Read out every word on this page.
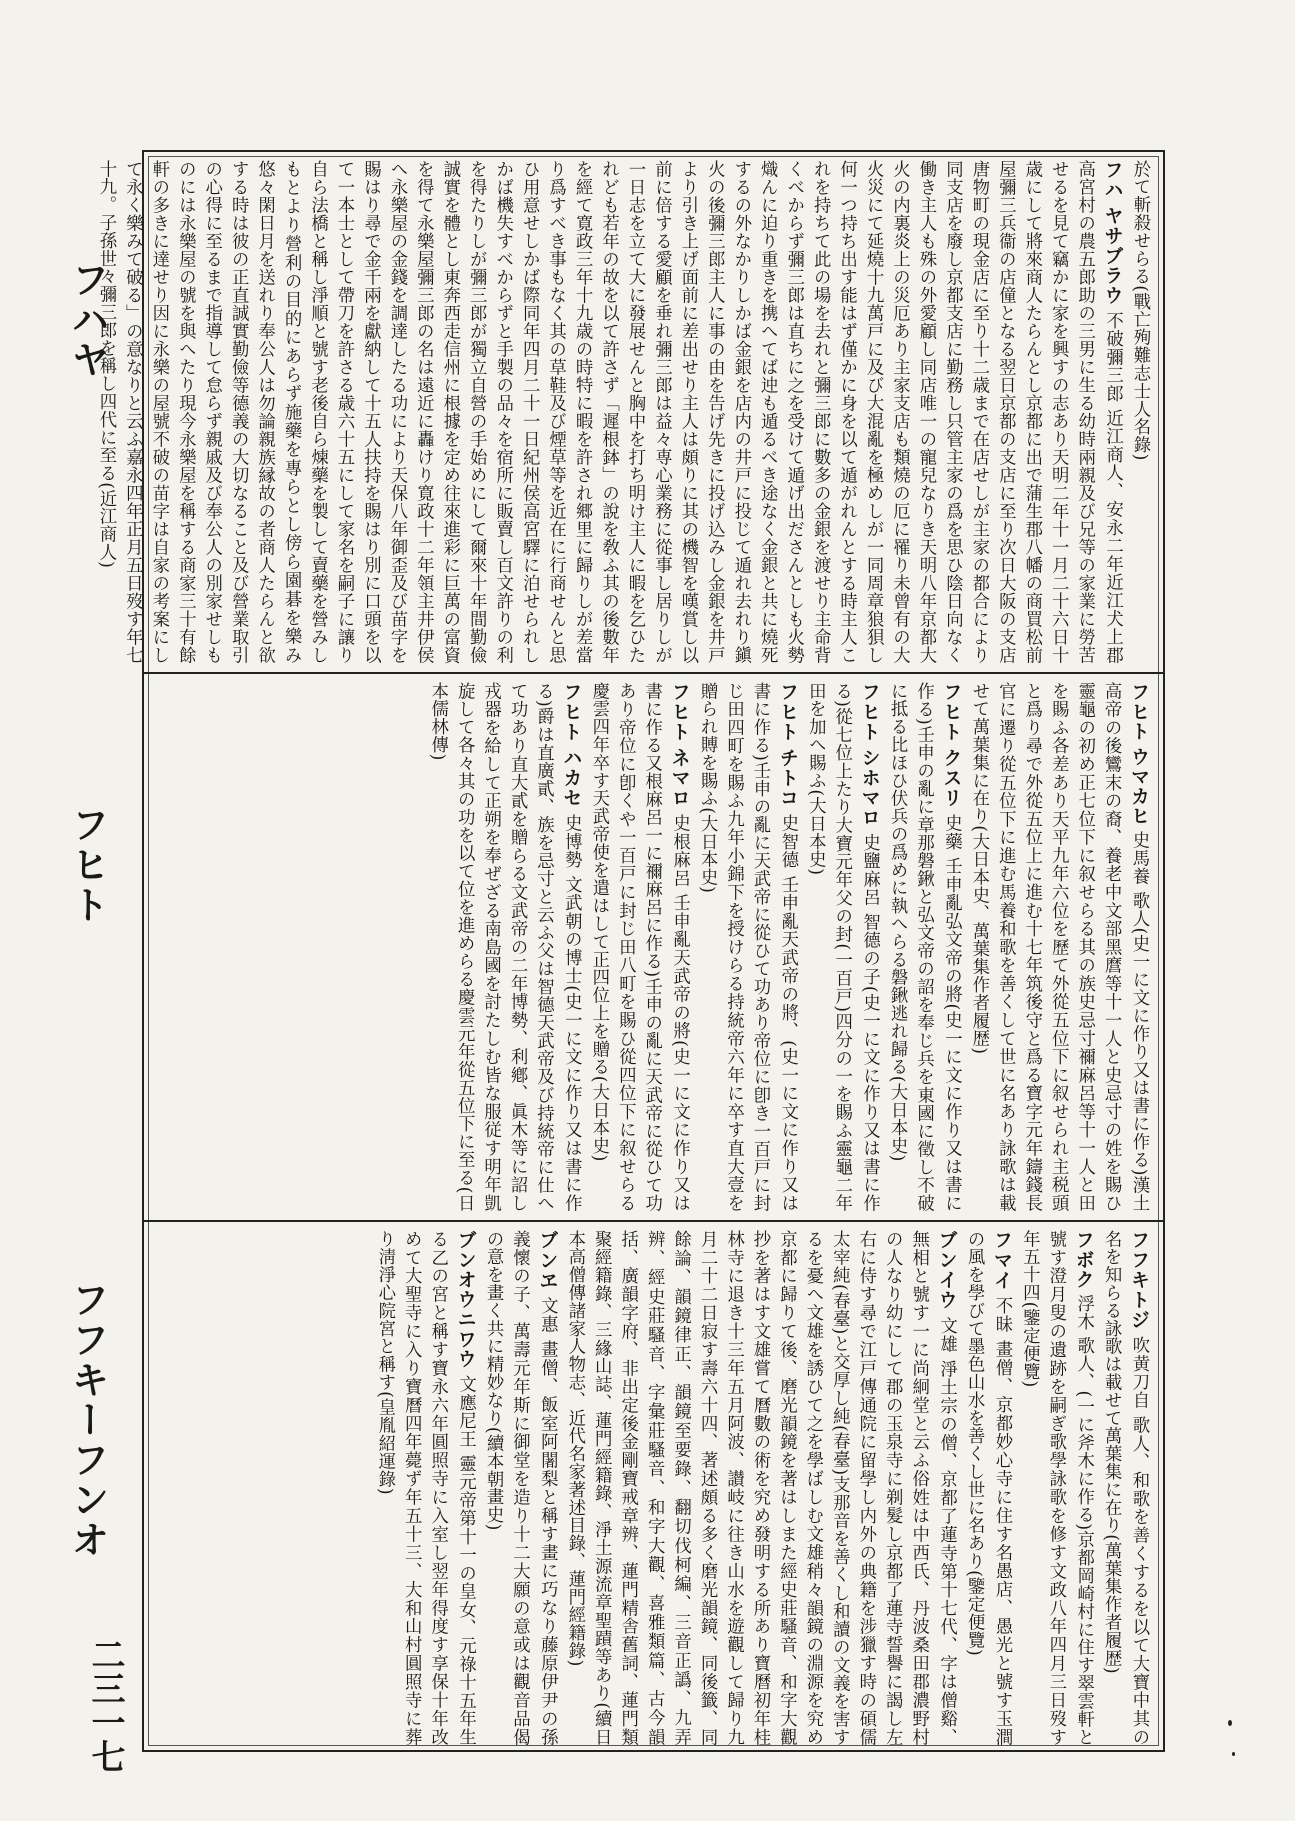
フハヤ
フヒト
フフキーフンオ
二三一七

於て斬殺せらる(戰亡殉難志士人名錄)

フハ ヤサブラウ 不破彌三郎 近江商人、安永二年近江犬上郡高宮村の農五郎助の三男に生る幼時兩親及び兄等の家業に勞苦せるを見て竊かに家を興すの志あり天明二年十一月二十六日十歳にして將來商人たらんとし京都に出で蒲生郡八幡の商買松前屋彌三兵衞の店僮となる翌日京都の支店に至り次日大阪の支店唐物町の現金店に至り十二歳まで在店せしが主家の都合により同支店を廢し京都支店に勤務し只管主家の爲を思ひ陰日向なく働き主人も殊の外愛顧し同店唯一の寵兒なりき天明八年京都大火の内裏炎上の災厄あり主家支店も類燒の厄に罹り未曾有の大火災にて延燒十九萬戸に及び大混亂を極めしが一同周章狼狽し何一つ持ち出す能はず僅かに身を以て遁がれんとする時主人これを持ちて此の場を去れと彌三郎に數多の金銀を渡せり主命背くべからず彌三郎は直ちに之を受けて遁げ出ださんとしも火勢熾んに迫り重きを携へてば迚も遁るべき途なく金銀と共に燒死するの外なかりしかば金銀を店内の井戸に投じて遁れ去れり鎭火の後彌三郎主人に事の由を告げ先きに投げ込みし金銀を井戸より引き上げ面前に差出せり主人は頗りに其の機智を嘆賞し以前に倍する愛顧を垂れ彌三郎は益々専心業務に從事し居りしが一日志を立て大に發展せんと胸中を打ち明け主人に暇を乞ひたれども若年の故を以て許さず「遲根鉢」の說を敎ふ其の後數年を經て寛政三年十九歳の時特に暇を許され郷里に歸りしが差當り爲すべき事もなく其の草鞋及び煙草等を近在に行商せんと思ひ用意せしかば際同年四月二十一日紀州侯高宮驛に泊せられしかば機失すべからずと手製の品々を宿所に販賣し百文許りの利を得たりしが彌三郎が獨立自營の手始めにして爾來十年間勤儉誠實を體とし東奔西走信州に根據を定め往來進彩に巨萬の富資を得て永樂屋彌三郎の名は遠近に轟けり寛政十二年領主井伊侯へ永樂屋の金錢を調達したる功により天保八年御歪及び苗字を賜はり尋で金千兩を獻納して十五人扶持を賜はり別に口頭を以て一本士として帶刀を許さる歳六十五にして家名を嗣子に讓り自ら法橋と稱し淨順と號す老後自ら煉藥を製して賣藥を營みしもとより營利の目的にあらず施藥を專らとし傍ら園碁を樂み悠々閑日月を送れり奉公人は勿論親族縁故の者商人たらんと欲する時は彼の正直誠實勤儉等德義の大切なること及び營業取引の心得に至るまで指導して怠らず親戚及び奉公人の別家せしものには永樂屋の號を與へたり現今永樂屋を稱する商家三十有餘軒の多きに達せり因に永樂の屋號不破の苗字は自家の考案にして永く樂みて破る」の意なりと云ふ嘉永四年正月五日歿す年七十九。子孫世々彌三郎を稱し四代に至る(近江商人)

フヒト ウマカヒ 史馬養 歌人(史一に文に作り又は書に作る)漢土高帝の後鸞末の裔、養老中文部黑麿等十一人と史忌寸の姓を賜ひ靈龜の初め正七位下に叙せらる其の族史忌寸禰麻呂等十一人と田を賜ふ各差あり天平九年六位を歷て外從五位下に叙せられ主税頭と爲り尋で外從五位上に進む十七年筑後守と爲る寶字元年鑄錢長官に遷り從五位下に進む馬養和歌を善くして世に名あり詠歌は載せて萬葉集に在り(大日本史、萬葉集作者履歴)

フヒト クスリ 史藥 壬申亂弘文帝の將(史一に文に作り又は書に作る)壬申の亂に章那磐鍬と弘文帝の詔を奉じ兵を東國に徵し不破に抵る比ほひ伏兵の爲めに執へらる磐鍬逃れ歸る(大日本史)

フヒト シホマロ 史鹽麻呂 智德の子(史一に文に作り又は書に作る)從七位上たり大寶元年父の封(一百戸)四分の一を賜ふ靈龜二年田を加へ賜ふ(大日本史)

フヒト チトコ 史智德 壬申亂天武帝の將、(史一に文に作り又は書に作る)壬申の亂に天武帝に從ひて功あり帝位に卽き一百戸に封じ田四町を賜ふ九年小錦下を授けらる持統帝六年に卒す直大壹を贈られ賻を賜ふ(大日本史)

フヒト ネマロ 史根麻呂 壬申亂天武帝の將(史一に文に作り又は書に作る又根麻呂一に禰麻呂に作る)壬申の亂に天武帝に從ひて功あり帝位に卽くや一百戸に封じ田八町を賜ひ從四位下に叙せらる慶雲四年卒す天武帝使を遣はして正四位上を贈る(大日本史)

フヒト ハカセ 史博勢 文武朝の博士(史一に文に作り又は書に作る)爵は直廣貳、族を忌寸と云ふ父は智德天武帝及び持統帝に仕へて功あり直大貳を贈らる文武帝の二年博勢、利鄕、眞木等に詔し戎器を給して正朔を奉ぜざる南島國を討たしむ皆な服従す明年凱旋して各々其の功を以て位を進めらる慶雲元年從五位下に至る(日本儒林傳)

フフキトジ 吹黄刀自 歌人、和歌を善くするを以て大寶中其の名を知らる詠歌は載せて萬葉集に在り(萬葉集作者履歴)

フボク 浮木 歌人、(一に斧木に作る)京都岡崎村に住す翠雲軒と號す澄月叟の遺跡を嗣ぎ歌學詠歌を修す文政八年四月三日歿す年五十四(鑒定便覽)

フマイ 不昧 畫僧、京都妙心寺に住す名愚店、愚光と號す玉澗の風を學びて墨色山水を善くし世に名あり(鑒定便覽)

ブンイウ 文雄 淨土宗の僧、京都了蓮寺第十七代、字は僧谿、無相と號す一に尚絅堂と云ふ俗姓は中西氏、丹波桑田郡濃野村の人なり幼にして郡の玉泉寺に剃髮し京都了蓮寺誓譽に謁し左右に侍す尋で江戸傳通院に留學し内外の典籍を涉獵す時の碩儒太宰純(春臺)と交厚し純(春臺)支那音を善くし和讀の文義を害するを憂へ文雄を誘ひて之を學ばしむ文雄稍々韻鏡の淵源を究め京都に歸りて後、磨光韻鏡を著はしまた經史莊騷音、和字大觀抄を著はす文雄嘗て曆數の術を究め發明する所あり寶曆初年桂林寺に退き十三年五月阿波、讃岐に往き山水を遊觀して歸り九月二十二日寂す壽六十四、著述頗る多く磨光韻鏡、同後籤、同餘論、韻鏡律正、韻鏡至要錄、翻切伐柯編、三音正譌、九弄辨、經史莊騷音、字彙莊騷音、和字大觀、喜雅類篇、古今韻括、廣韻字府、非出定後金剛寶戒章辨、蓮門精舎舊詞、蓮門類聚經籍錄、三緣山誌、蓮門經籍錄、淨土源流章聖蹟等あり(續日本高僧傳諸家人物志、近代名家著述目錄、蓮門經籍錄)

ブンヱ 文惠 畫僧、飯室阿闍梨と稱す畫に巧なり藤原伊尹の孫義懷の子、萬壽元年斯に御堂を造り十二大願の意或は觀音品偈の意を畫く共に精妙なり(續本朝畫史)

ブンオウニワウ 文應尼王 靈元帝第十一の皇女、元祿十五年生る乙の宮と稱す寶永六年圓照寺に入室し翌年得度す享保十年改めて大聖寺に入り寶曆四年薨ず年五十三、大和山村圓照寺に葬り淸淨心院宮と稱す(皇胤紹運錄)
